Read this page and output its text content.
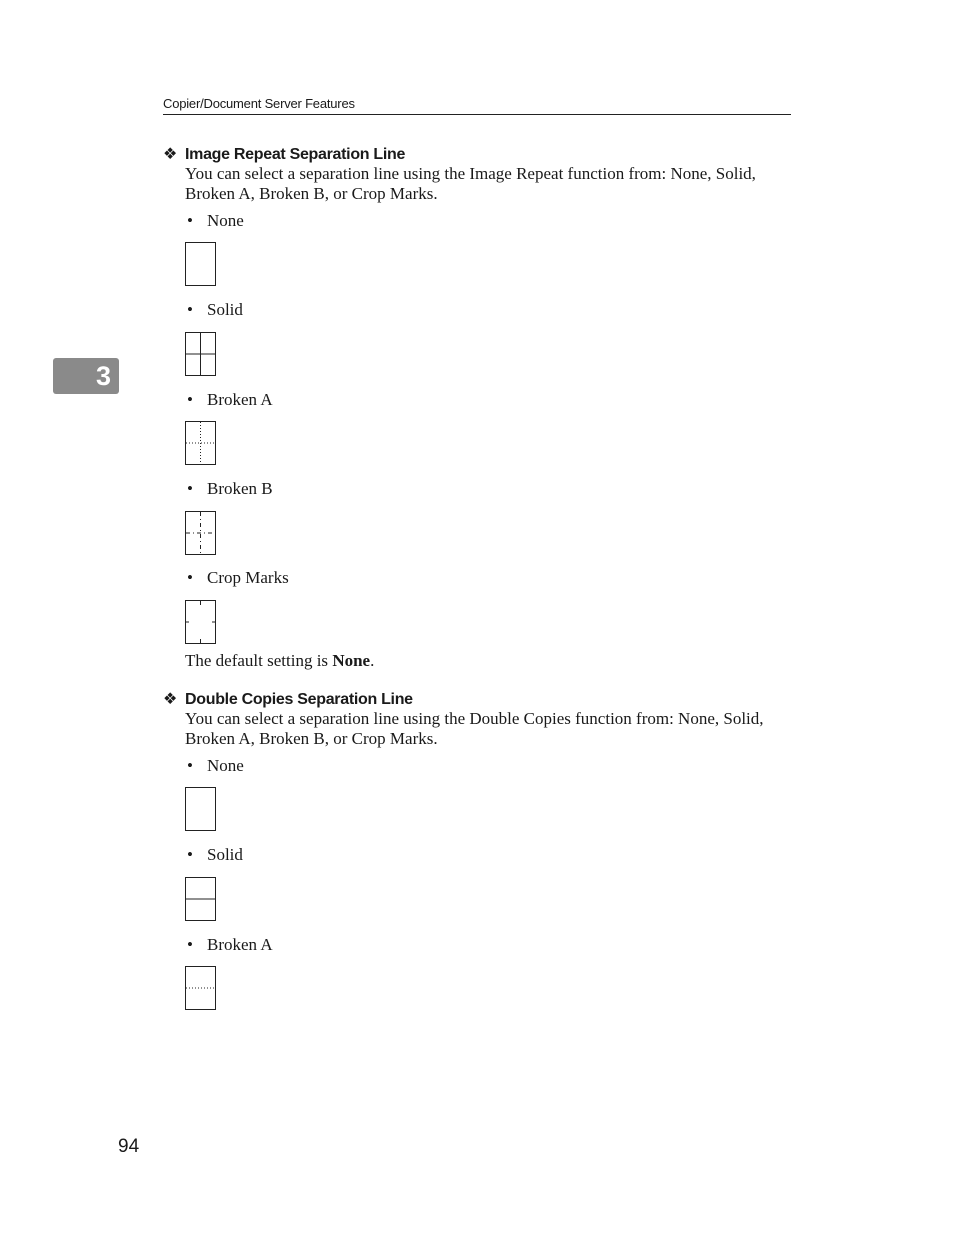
Copier/Document Server Features
3
❖ Image Repeat Separation Line
You can select a separation line using the Image Repeat function from: None, Solid, Broken A, Broken B, or Crop Marks.
• None
• Solid
• Broken A
• Broken B
• Crop Marks
The default setting is None.
❖ Double Copies Separation Line
You can select a separation line using the Double Copies function from: None, Solid, Broken A, Broken B, or Crop Marks.
• None
• Solid
• Broken A
94
